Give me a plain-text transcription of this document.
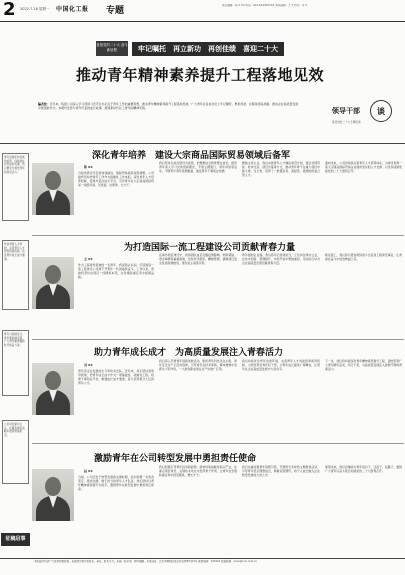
2 2022.7.18 星期一 中国化工报 专题
责任编辑：陈 X XX 电话：010-64440XXXX 美术编辑：王 X 校对：李 X
喜迎党的二十大 奋斗新征程	牢记嘱托　再立新功　再创佳绩　喜迎二十大
推动青年精神素养提升工程落地见效
编者按：近年来，集团公司深入学习贯彻习近平总书记关于青年工作的重要思想，推动青年精神素养提升工程落地见效，广大青年在各自岗位上牢记嘱托、勇担使命，在服务国家战略、推动企业高质量发展中展现新作为。本期刊发部分青年代表的成长故事，展现新时代化工青年的精神风貌。	领导干部	谈
喜迎党的二十大专题报道
青年是国家和民族的希望，创新是社会进步的灵魂，我们要充分激发青年的创造活力。
坚持党管人才原则，完善青年人才培养选拔机制，拓宽青年成长成才通道。
青年兴则国家兴，青年强则国家强，广大青年要勇做新时代的奋斗者。
立足岗位建功立业，在服务国家战略中展现青春担当。
征稿启事
深化青年培养　建设大宗商品国际贸易领域后备军
陈 XX
当前世界百年变局加速演进，国际贸易格局深刻调整。公司始终坚持把青年工作作为战略性工作来抓，深化青年人才培养机制，搭建多层次成长平台，引导青年在大宗商品国际贸易一线经风雨、见世面、壮筋骨、长才干。
我们坚持以政治建设为统领，把理想信念教育摆在首位，组织青年深入学习党的创新理论，开展主题团日、青年讲堂等活动，不断筑牢青年思想根基，激发青年干事创业热情。
聚焦主责主业，我们实施青年人才梯队建设计划，通过导师带徒、轮岗交流、项目历练等方式，推动青年骨干在重大项目中挑大梁、当主角，培养了一批懂业务、善经营、通规则的复合型人才。
面向未来，公司将持续完善青年人才培养体系，为建设世界一流大宗商品国际贸易企业提供坚实的人才支撑，以优异成绩迎接党的二十大胜利召开。
为打造国际一流工程建设公司贡献青春力量
王 XX
作为工程建设领域的一名青年，我深刻认识到，打造国际一流工程建设公司离不开青年一代的接续奋斗。工作以来，我始终坚持在项目一线锤炼本领，在急难险重任务中砥砺品格。
在海外项目建设中，我和团队成员克服疫情影响、物资紧缺、语言障碍等重重困难，坚持科学组织、精细管理，确保项目安全优质高效推进，得到业主高度评价。
青年强则企业强。我们将牢记使命担当，立足岗位建功立业，在技术创新、管理提升、市场开拓中勇挑重担，用实际行动为企业高质量发展贡献青春力量。
新征程上，我们将以更加昂扬的斗志投身工程建设事业，让青春在奋斗中绽放绚丽之花。
助力青年成长成才　为高质量发展注入青春活力
刘 XX
青年是企业发展的生力军和突击队。近年来，我们坚持党建带团建，把青年成长成才作为一项基础性、战略性工程，搭建干事创业平台，畅通成长成才通道，着力培养堪当大任的青年人才。
我们深入开展青年创新创效活动，组织青年科技攻关小组、青年安全生产示范岗创建，引导青年在技术革新、降本增效中发挥生力军作用，一大批创新成果在生产中推广应用。
我们持续优化青年发展环境，完善青年人才选拔培养使用机制，大胆选用优秀年轻干部，为青年成长提供广阔舞台，让青年在企业高质量发展中大显身手。
下一步，我们将持续深化青年精神素养提升工程，团结带领广大青年踔厉奋发、笃行不怠，为高质量发展注入源源不断的青春活力。
激励青年在公司转型发展中勇担责任使命
赵 XX
当前，公司正处于转型发展的关键时期，迫切需要一支政治坚定、素质过硬、敢于担当的青年人才队伍。我们坚持以青年精神素养提升为抓手，激励青年在转型发展中勇担责任使命。
我们积极引导青年投身新能源、新材料等战略性新兴产业，在重点项目建设、关键技术攻关中发挥骨干作用，让青年在急难险重任务中经受锻炼、增长才干。
我们注重加强青年思想引领，开展形式多样的主题教育活动，引导青年坚定理想信念，厚植家国情怀，将个人成长融入企业转型发展的大局之中。
展望未来，我们将继续为青年搭台子、压担子、指路子，激励广大青年以奋斗姿态迎接党的二十大胜利召开。
本版稿件欢迎广大读者积极投稿，来稿请注明作者姓名、单位、联系方式。来稿一经采用，即付稿酬。本报地址：北京市朝阳区亚运村安慧里X区X号 邮政编码：100101 投稿邮箱：xxxx@ccin.com.cn
